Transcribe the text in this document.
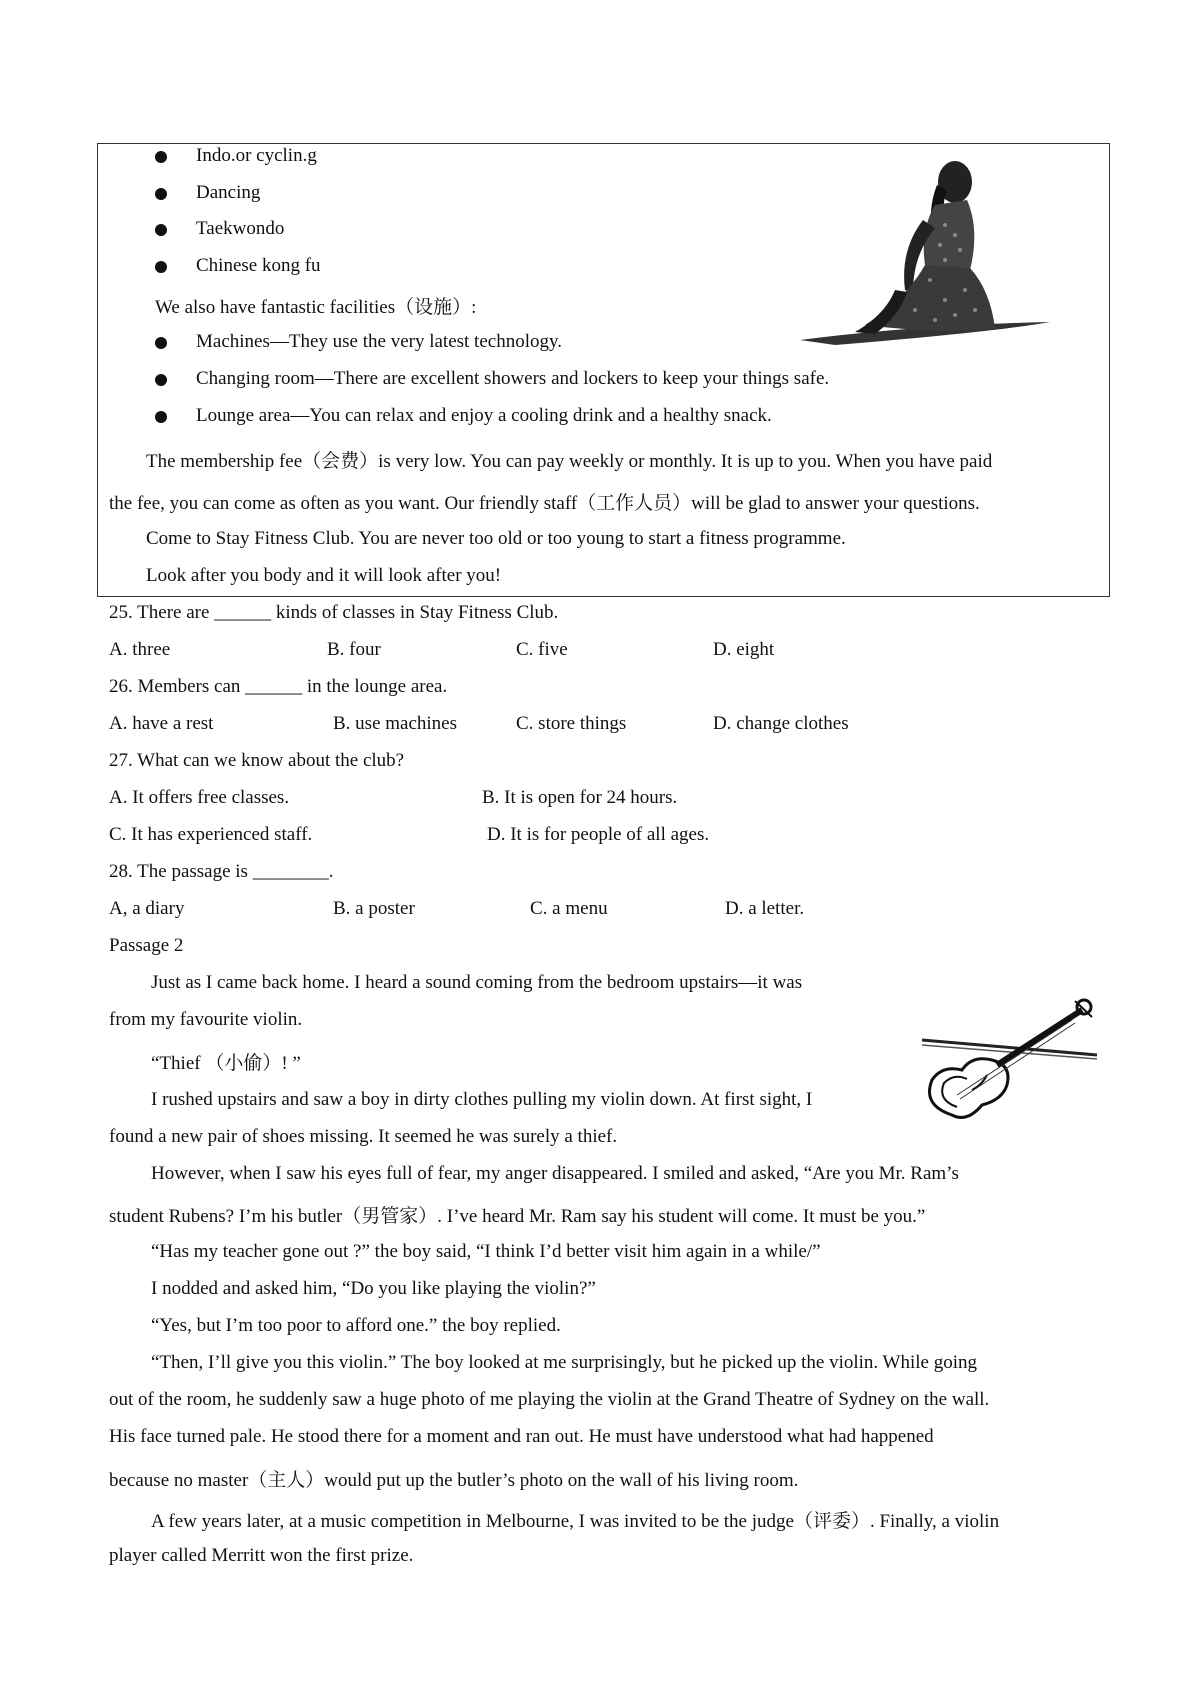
Indo.or cyclin.g
Dancing
Taekwondo
Chinese kong fu
We also have fantastic facilities（设施）:
Machines—They use the very latest technology.
Changing room—There are excellent showers and lockers to keep your things safe.
Lounge area—You can relax and enjoy a cooling drink and a healthy snack.
The membership fee（会费）is very low. You can pay weekly or monthly. It is up to you. When you have paid
the fee, you can come as often as you want. Our friendly staff（工作人员）will be glad to answer your questions.
Come to Stay Fitness Club. You are never too old or too young to start a fitness programme.
Look after you body and it will look after you!
25. There are ______ kinds of classes in Stay Fitness Club.
A. three	B. four	C. five	D. eight
26. Members can ______ in the lounge area.
A. have a rest	B. use machines	C. store things	D. change clothes
27. What can we know about the club?
A. It offers free classes.	B. It is open for 24 hours.
C. It has experienced staff.	D. It is for people of all ages.
28. The passage is ________.
A, a diary	B. a poster	C. a menu	D. a letter.
Passage 2
Just as I came back home. I heard a sound coming from the bedroom upstairs—it was
from my favourite violin.
“Thief （小偷）! ”
I rushed upstairs and saw a boy in dirty clothes pulling my violin down. At first sight, I
found a new pair of shoes missing. It seemed he was surely a thief.
However, when I saw his eyes full of fear, my anger disappeared. I smiled and asked, “Are you Mr. Ram’s
student Rubens? I’m his butler（男管家）. I’ve heard Mr. Ram say his student will come. It must be you.”
“Has my teacher gone out ?” the boy said, “I think I’d better visit him again in a while/”
I nodded and asked him, “Do you like playing the violin?”
“Yes, but I’m too poor to afford one.” the boy replied.
“Then, I’ll give you this violin.” The boy looked at me surprisingly, but he picked up the violin. While going
out of the room, he suddenly saw a huge photo of me playing the violin at the Grand Theatre of Sydney on the wall.
His face turned pale. He stood there for a moment and ran out. He must have understood what had happened
because no master（主人）would put up the butler’s photo on the wall of his living room.
A few years later, at a music competition in Melbourne, I was invited to be the judge（评委）. Finally, a violin
player called Merritt won the first prize.
